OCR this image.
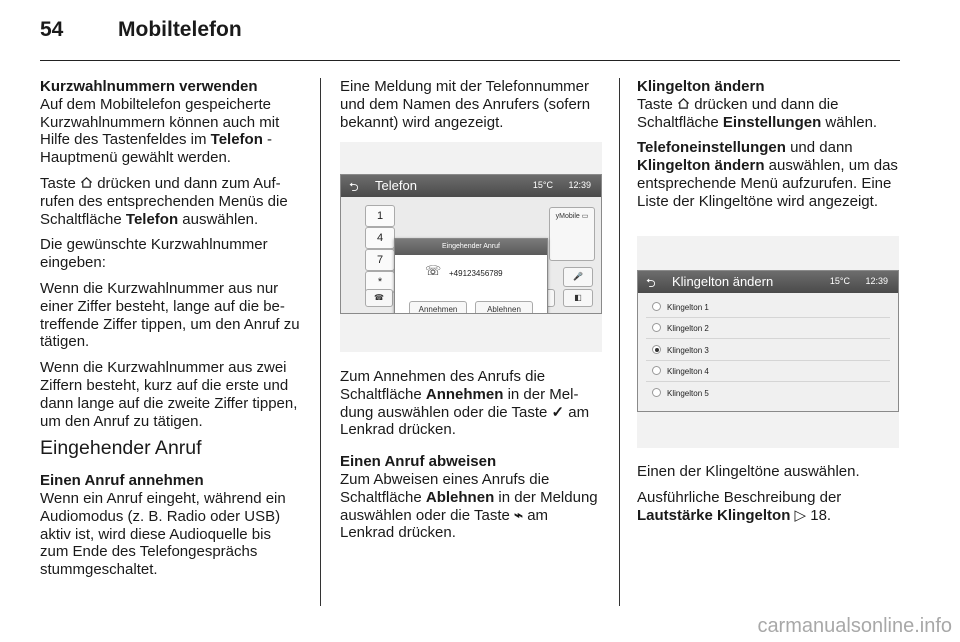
54	Mobiltelefon

Kurzwahlnummern verwenden

Auf dem Mobiltelefon gespeicherte Kurzwahlnummern können auch mit Hilfe des Tastenfeldes im Telefon - Hauptmenü gewählt werden.

Taste  drücken und dann zum Aufrufen des entsprechenden Menüs die Schaltfläche Telefon auswählen.

Die gewünschte Kurzwahlnummer eingeben:

Wenn die Kurzwahlnummer aus nur einer Ziffer besteht, lange auf die betreffende Ziffer tippen, um den Anruf zu tätigen.

Wenn die Kurzwahlnummer aus zwei Ziffern besteht, kurz auf die erste und dann lange auf die zweite Ziffer tippen, um den Anruf zu tätigen.

Eingehender Anruf

Einen Anruf annehmen

Wenn ein Anruf eingeht, während ein Audiomodus (z. B. Radio oder USB) aktiv ist, wird diese Audioquelle bis zum Ende des Telefongesprächs stummgeschaltet.

Eine Meldung mit der Telefonnummer und dem Namen des Anrufers (sofern bekannt) wird angezeigt.

⮌ Telefon	15°C 12:39
1
4
7
*
yMobile ▭
🎤
☎	◧
Eingehender Anruf
☏ +49123456789
Annehmen	Ablehnen

Zum Annehmen des Anrufs die Schaltfläche Annehmen in der Meldung auswählen oder die Taste ✓ am Lenkrad drücken.

Einen Anruf abweisen

Zum Abweisen eines Anrufs die Schaltfläche Ablehnen in der Meldung auswählen oder die Taste ⌁ am Lenkrad drücken.

Klingelton ändern

Taste  drücken und dann die Schaltfläche Einstellungen wählen.

Telefoneinstellungen und dann Klingelton ändern auswählen, um das entsprechende Menü aufzurufen. Eine Liste der Klingeltöne wird angezeigt.

⮌ Klingelton ändern	15°C 12:39
Klingelton 1
Klingelton 2
Klingelton 3
Klingelton 4
Klingelton 5

Einen der Klingeltöne auswählen.

Ausführliche Beschreibung der Lautstärke Klingelton ▷ 18.

carmanualsonline.info
